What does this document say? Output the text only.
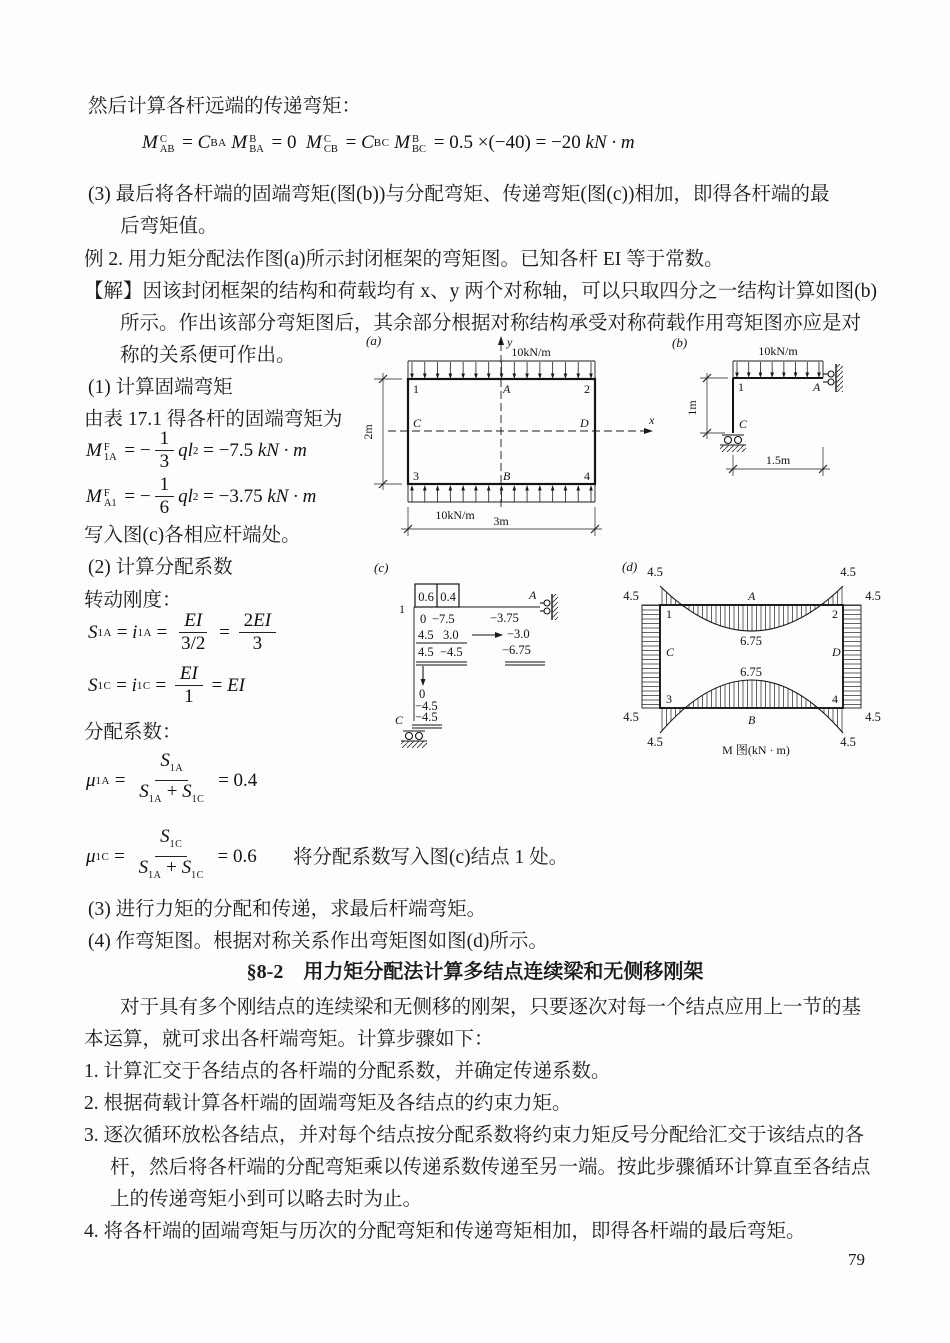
然后计算各杆远端的传递弯矩：

M C
AB = C BA M B
BA = 0 M C
CB = C BC M B
BC = 0.5 ×(−40) = −20 kN · m

(3) 最后将各杆端的固端弯矩(图(b))与分配弯矩、传递弯矩(图(c))相加，即得各杆端的最

后弯矩值。

例 2. 用力矩分配法作图(a)所示封闭框架的弯矩图。已知各杆 EI 等于常数。

【解】因该封闭框架的结构和荷载均有 x、y 两个对称轴，可以只取四分之一结构计算如图(b)

所示。作出该部分弯矩图后，其余部分根据对称结构承受对称荷载作用弯矩图亦应是对

称的关系便可作出。

(1) 计算固端弯矩

由表 17.1 得各杆的固端弯矩为

M F
1A = − $\frac{1}{3}$ ql 2 = −7.5 kN · m
M F
A1 = − $\frac{1}{6}$ ql 2 = −3.75 kN · m

写入图(c)各相应杆端处。

(2) 计算分配系数

转动刚度：

S 1A = i $1A = \frac{EI}{3/2} = \frac{2EI}{3}$
S 1C = i $1C = \frac{EI}{1}$ = EI

分配系数：

μ $1A = \frac{S_{1A}}{S_{1A} + S_{1C}} = 0.4$
μ $1C = \frac{S_{1C}}{S_{1A} + S_{1C}} = 0.6$ 将分配系数写入图(c)结点 1 处。

(3) 进行力矩的分配和传递，求最后杆端弯矩。

(4) 作弯矩图。根据对称关系作出弯矩图如图(d)所示。

§8-2　用力矩分配法计算多结点连续梁和无侧移刚架

对于具有多个刚结点的连续梁和无侧移的刚架，只要逐次对每一个结点应用上一节的基

本运算，就可求出各杆端弯矩。计算步骤如下：

1. 计算汇交于各结点的各杆端的分配系数，并确定传递系数。

2. 根据荷载计算各杆端的固端弯矩及各结点的约束力矩。

3. 逐次循环放松各结点，并对每个结点按分配系数将约束力矩反号分配给汇交于该结点的各

杆，然后将各杆端的分配弯矩乘以传递系数传递至另一端。按此步骤循环计算直至各结点

上的传递弯矩小到可以略去时为止。

4. 将各杆端的固端弯矩与历次的分配弯矩和传递弯矩相加，即得各杆端的最后弯矩。

79

(a)	y
x
10kN/m
10kN/m
2m
3m
1	A	2
C	D
3	B	4
(b)
10kN/m
1	A
C
1m
1.5m
(c)
0.6 0.4
1
A
0 −7.5
4.5 3.0
4.5 −4.5
−3.75
−3.0
−6.75
0
−4.5
−4.5
C
(d) 4.5
4.5
4.5
4.5
4.5
4.5
4.5
4.5
6.75
6.75
A
1	2
C	D
3	4
B
M 图(kN · m)
